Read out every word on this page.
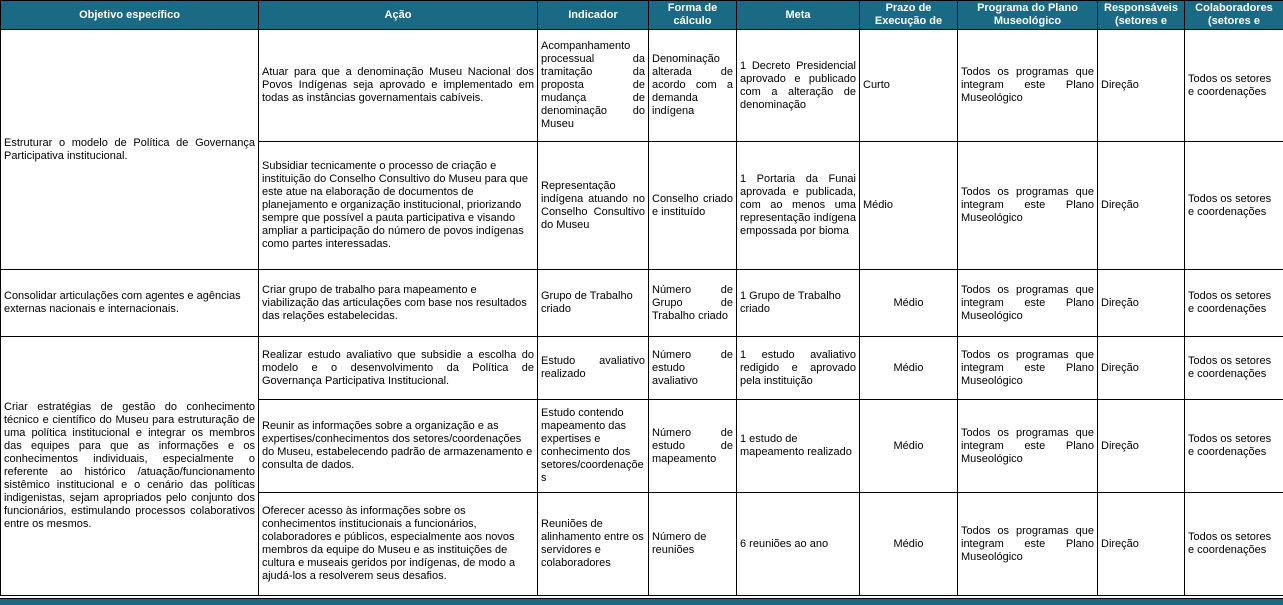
Objetivo específico	Ação	Indicador	Forma de cálculo	Meta	Prazo de Execução de	Programa do Plano Museológico	Responsáveis (setores e	Colaboradores (setores e
Estruturar o modelo de Política de Governança Participativa institucional.	Atuar para que a denominação Museu Nacional dos Povos Indígenas seja aprovado e implementado em todas as instâncias governamentais cabíveis.	Acompanhamento processual da tramitação da proposta de mudança de denominação do Museu	Denominação alterada de acordo com a demanda indígena	1 Decreto Presidencial aprovado e publicado com a alteração de denominação	Curto	Todos os programas que integram este Plano Museológico	Direção	Todos os setores e coordenações
	Subsidiar tecnicamente o processo de criação e instituição do Conselho Consultivo do Museu para que este atue na elaboração de documentos de planejamento e organização institucional, priorizando sempre que possível a pauta participativa e visando ampliar a participação do número de povos indígenas como partes interessadas.	Representação indígena atuando no Conselho Consultivo do Museu	Conselho criado e instituído	1 Portaria da Funai aprovada e publicada, com ao menos uma representação indígena empossada por bioma	Médio	Todos os programas que integram este Plano Museológico	Direção	Todos os setores e coordenações
Consolidar articulações com agentes e agências externas nacionais e internacionais.	Criar grupo de trabalho para mapeamento e viabilização das articulações com base nos resultados das relações estabelecidas.	Grupo de Trabalho criado	Número de Grupo de Trabalho criado	1 Grupo de Trabalho criado	Médio	Todos os programas que integram este Plano Museológico	Direção	Todos os setores e coordenações
Criar estratégias de gestão do conhecimento técnico e científico do Museu para estruturação de uma política institucional e integrar os membros das equipes para que as informações e os conhecimentos individuais, especialmente o referente ao histórico /atuação/funcionamento sistêmico institucional e o cenário das políticas indigenistas, sejam apropriados pelo conjunto dos funcionários, estimulando processos colaborativos entre os mesmos.	Realizar estudo avaliativo que subsidie a escolha do modelo e o desenvolvimento da Política de Governança Participativa Institucional.	Estudo avaliativo realizado	Número de estudo avaliativo	1 estudo avaliativo redigido e aprovado pela instituição	Médio	Todos os programas que integram este Plano Museológico	Direção	Todos os setores e coordenações
	Reunir as informações sobre a organização e as expertises/conhecimentos dos setores/coordenações do Museu, estabelecendo padrão de armazenamento e consulta de dados.	Estudo contendo mapeamento das expertises e conhecimento dos setores/coordenações	Número de estudo de mapeamento	1 estudo de mapeamento realizado	Médio	Todos os programas que integram este Plano Museológico	Direção	Todos os setores e coordenações
	Oferecer acesso às informações sobre os conhecimentos institucionais a funcionários, colaboradores e públicos, especialmente aos novos membros da equipe do Museu e as instituições de cultura e museais geridos por indígenas, de modo a ajudá-los a resolverem seus desafios.	Reuniões de alinhamento entre os servidores e colaboradores	Número de reuniões	6 reuniões ao ano	Médio	Todos os programas que integram este Plano Museológico	Direção	Todos os setores e coordenações
